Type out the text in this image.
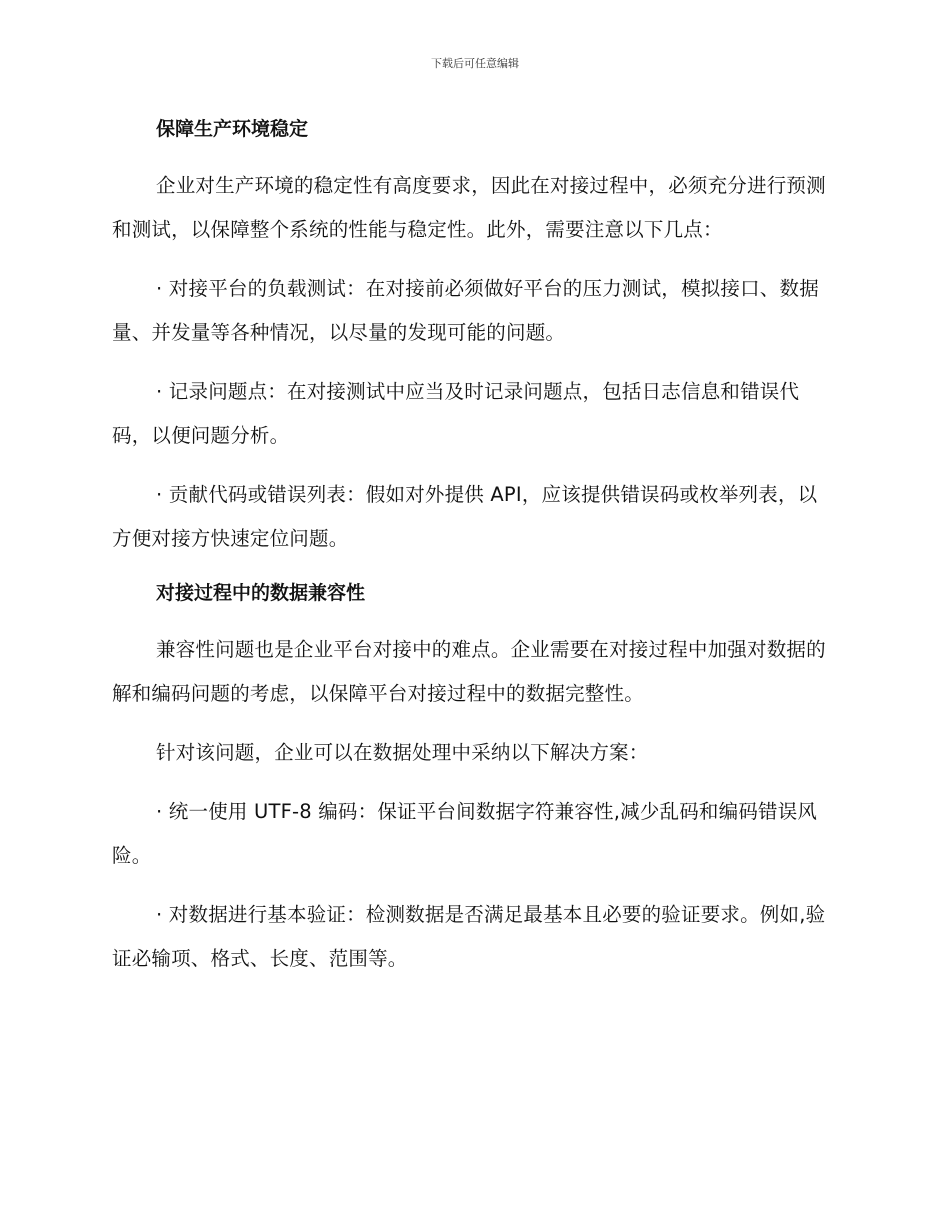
下载后可任意编辑
保障生产环境稳定

企业对生产环境的稳定性有高度要求，因此在对接过程中，必须充分进行预测和测试，以保障整个系统的性能与稳定性。此外，需要注意以下几点：

· 对接平台的负载测试：在对接前必须做好平台的压力测试，模拟接口、数据量、并发量等各种情况，以尽量的发现可能的问题。

· 记录问题点：在对接测试中应当及时记录问题点，包括日志信息和错误代码，以便问题分析。

· 贡献代码或错误列表：假如对外提供 API，应该提供错误码或枚举列表，以方便对接方快速定位问题。

对接过程中的数据兼容性

兼容性问题也是企业平台对接中的难点。企业需要在对接过程中加强对数据的解和编码问题的考虑，以保障平台对接过程中的数据完整性。

针对该问题，企业可以在数据处理中采纳以下解决方案：

· 统一使用 UTF-8 编码：保证平台间数据字符兼容性,减少乱码和编码错误风险。

· 对数据进行基本验证：检测数据是否满足最基本且必要的验证要求。例如,验证必输项、格式、长度、范围等。
